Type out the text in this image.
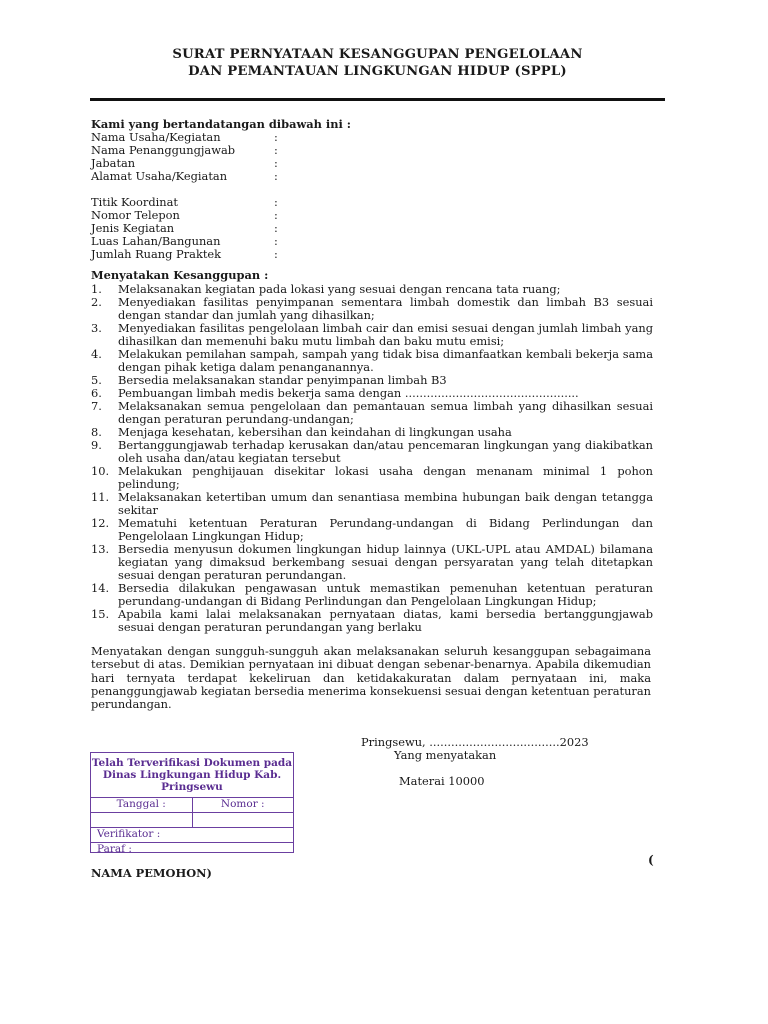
SURAT PERNYATAAN KESANGGUPAN PENGELOLAAN
DAN PEMANTAUAN LINGKUNGAN HIDUP (SPPL)
Kami yang bertandatangan dibawah ini :
Nama Usaha/Kegiatan	:
Nama Penanggungjawab	:
Jabatan	:
Alamat Usaha/Kegiatan	:
Titik Koordinat	:
Nomor Telepon	:
Jenis Kegiatan	:
Luas Lahan/Bangunan	:
Jumlah Ruang Praktek	:
Menyatakan Kesanggupan :
1.	Melaksanakan kegiatan pada lokasi yang sesuai dengan rencana tata ruang;
2.	Menyediakan fasilitas penyimpanan sementara limbah domestik dan limbah B3 sesuai dengan standar dan jumlah yang dihasilkan;
3.	Menyediakan fasilitas pengelolaan limbah cair dan emisi sesuai dengan jumlah limbah yang dihasilkan dan memenuhi baku mutu limbah dan baku mutu emisi;
4.	Melakukan pemilahan sampah, sampah yang tidak bisa dimanfaatkan kembali bekerja sama dengan pihak ketiga dalam penanganannya.
5.	Bersedia melaksanakan standar penyimpanan limbah B3
6.	Pembuangan limbah medis bekerja sama dengan ................................................
7.	Melaksanakan semua pengelolaan dan pemantauan semua limbah yang dihasilkan sesuai dengan peraturan perundang-undangan;
8.	Menjaga kesehatan, kebersihan dan keindahan di lingkungan usaha
9.	Bertanggungjawab terhadap kerusakan dan/atau pencemaran lingkungan yang diakibatkan oleh usaha dan/atau kegiatan tersebut
10. Melakukan penghijauan disekitar lokasi usaha dengan menanam minimal 1 pohon pelindung;
11. Melaksanakan ketertiban umum dan senantiasa membina hubungan baik dengan tetangga sekitar
12. Mematuhi ketentuan Peraturan Perundang-undangan di Bidang Perlindungan dan Pengelolaan Lingkungan Hidup;
13. Bersedia menyusun dokumen lingkungan hidup lainnya (UKL-UPL atau AMDAL) bilamana kegiatan yang dimaksud berkembang sesuai dengan persyaratan yang telah ditetapkan sesuai dengan peraturan perundangan.
14. Bersedia dilakukan pengawasan untuk memastikan pemenuhan ketentuan peraturan perundang-undangan di Bidang Perlindungan dan Pengelolaan Lingkungan Hidup;
15. Apabila kami lalai melaksanakan pernyataan diatas, kami bersedia bertanggungjawab sesuai dengan peraturan perundangan yang berlaku
Menyatakan dengan sungguh-sungguh akan melaksanakan seluruh kesanggupan sebagaimana tersebut di atas. Demikian pernyataan ini dibuat dengan sebenar-benarnya. Apabila dikemudian hari ternyata terdapat kekeliruan dan ketidakakuratan dalam pernyataan ini, maka penanggungjawab kegiatan bersedia menerima konsekuensi sesuai dengan ketentuan peraturan perundangan.
Pringsewu, ....................................2023
Yang menyatakan
Materai 10000
Telah Terverifikasi Dokumen pada Dinas Lingkungan Hidup Kab. Pringsewu
Tanggal :	Nomor :
Verifikator :
Paraf :
(
NAMA PEMOHON)
